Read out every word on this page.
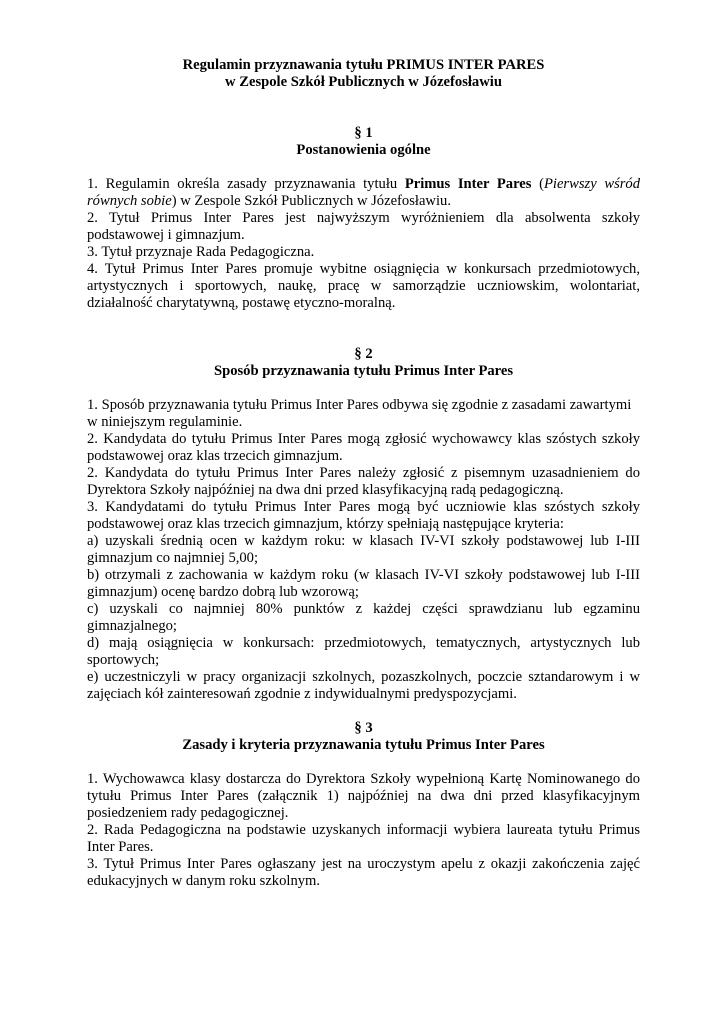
Regulamin przyznawania tytułu PRIMUS INTER PARES

w Zespole Szkół Publicznych w Józefosławiu

§ 1

Postanowienia ogólne

1. Regulamin określa zasady przyznawania tytułu Primus Inter Pares (Pierwszy wśród równych sobie) w Zespole Szkół Publicznych w Józefosławiu.

2. Tytuł Primus Inter Pares jest najwyższym wyróżnieniem dla absolwenta szkoły podstawowej i gimnazjum.

3. Tytuł przyznaje Rada Pedagogiczna.

4. Tytuł Primus Inter Pares promuje wybitne osiągnięcia w konkursach przedmiotowych, artystycznych i sportowych, naukę, pracę w samorządzie uczniowskim, wolontariat, działalność charytatywną, postawę etyczno-moralną.

§ 2

Sposób przyznawania tytułu Primus Inter Pares

1. Sposób przyznawania tytułu Primus Inter Pares odbywa się zgodnie z zasadami zawartymi w niniejszym regulaminie.

2. Kandydata do tytułu Primus Inter Pares mogą zgłosić wychowawcy klas szóstych szkoły podstawowej oraz klas trzecich gimnazjum.

2. Kandydata do tytułu Primus Inter Pares należy zgłosić z pisemnym uzasadnieniem do Dyrektora Szkoły najpóźniej na dwa dni przed klasyfikacyjną radą pedagogiczną.

3. Kandydatami do tytułu Primus Inter Pares mogą być uczniowie klas szóstych szkoły podstawowej oraz klas trzecich gimnazjum, którzy spełniają następujące kryteria:

a) uzyskali średnią ocen w każdym roku: w klasach IV-VI szkoły podstawowej lub I-III gimnazjum co najmniej 5,00;

b) otrzymali z zachowania w każdym roku (w klasach IV-VI szkoły podstawowej lub I-III gimnazjum) ocenę bardzo dobrą lub wzorową;

c) uzyskali co najmniej 80% punktów z każdej części sprawdzianu lub egzaminu gimnazjalnego;

d) mają osiągnięcia w konkursach: przedmiotowych, tematycznych, artystycznych lub sportowych;

e) uczestniczyli w pracy organizacji szkolnych, pozaszkolnych, poczcie sztandarowym i w zajęciach kół zainteresowań zgodnie z indywidualnymi predyspozycjami.

§ 3

Zasady i kryteria przyznawania tytułu Primus Inter Pares

1. Wychowawca klasy dostarcza do Dyrektora Szkoły wypełnioną Kartę Nominowanego do tytułu Primus Inter Pares (załącznik 1) najpóźniej na dwa dni przed klasyfikacyjnym posiedzeniem rady pedagogicznej.

2. Rada Pedagogiczna na podstawie uzyskanych informacji wybiera laureata tytułu Primus Inter Pares.

3. Tytuł Primus Inter Pares ogłaszany jest na uroczystym apelu z okazji zakończenia zajęć edukacyjnych w danym roku szkolnym.
